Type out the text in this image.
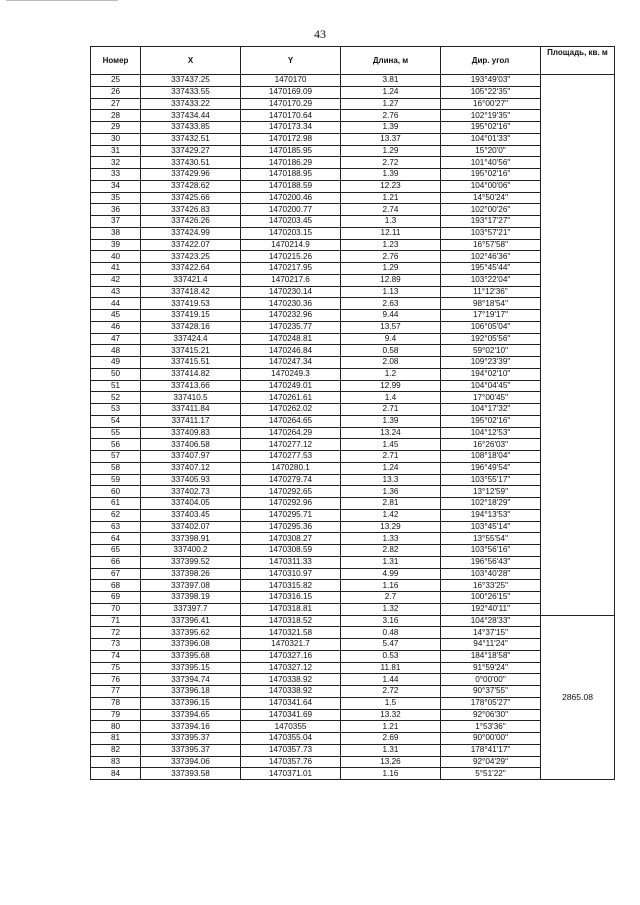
43
Номер	X	Y	Длина, м	Дир. угол	Площадь, кв. м
25	337437.25	1470170	3.81	193°49'03"	
26	337433.55	1470169.09	1.24	105°22'35"	
27	337433.22	1470170.29	1.27	16°00'27"	
28	337434.44	1470170.64	2.76	102°19'35"	
29	337433.85	1470173.34	1.39	195°02'16"	
30	337432.51	1470172.98	13.37	104°01'33"	
31	337429.27	1470185.95	1.29	15°20'0"	
32	337430.51	1470186.29	2.72	101°40'56"	
33	337429.96	1470188.95	1.39	195°02'16"	
34	337428.62	1470188.59	12.23	104°00'06"	
35	337425.66	1470200.46	1.21	14°50'24"	
36	337426.83	1470200.77	2.74	102°00'26"	
37	337426.26	1470203.45	1.3	193°17'27"	
38	337424.99	1470203.15	12.11	103°57'21"	
39	337422.07	1470214.9	1.23	16°57'58"	
40	337423.25	1470215.26	2.76	102°46'36"	
41	337422.64	1470217.95	1.29	195°45'44"	
42	337421.4	1470217.6	12.89	103°22'04"	
43	337418.42	1470230.14	1.13	11°12'36"	
44	337419.53	1470230.36	2.63	98°18'54"	
45	337419.15	1470232.96	9.44	17°19'17"	
46	337428.16	1470235.77	13.57	106°05'04"	
47	337424.4	1470248.81	9.4	192°05'56"	
48	337415.21	1470246.84	0.58	59°02'10"	
49	337415.51	1470247.34	2.08	109°23'39"	
50	337414.82	1470249.3	1.2	194°02'10"	
51	337413.66	1470249.01	12.99	104°04'45"	
52	337410.5	1470261.61	1.4	17°00'45"	
53	337411.84	1470262.02	2.71	104°17'32"	
54	337411.17	1470264.65	1.39	195°02'16"	
55	337409.83	1470264.29	13.24	104°12'53"	
56	337406.58	1470277.12	1.45	16°26'03"	
57	337407.97	1470277.53	2.71	108°18'04"	
58	337407.12	1470280.1	1.24	196°49'54"	
59	337405.93	1470279.74	13.3	103°55'17"	
60	337402.73	1470292.65	1.36	13°12'59"	
61	337404.05	1470292.96	2.81	102°18'29"	
62	337403.45	1470295.71	1.42	194°13'53"	
63	337402.07	1470295.36	13.29	103°45'14"	
64	337398.91	1470308.27	1.33	13°55'54"	
65	337400.2	1470308.59	2.82	103°56'16"	
66	337399.52	1470311.33	1.31	196°56'43"	
67	337398.26	1470310.97	4.99	103°40'28"	
68	337397.08	1470315.82	1.16	16°33'25"	
69	337398.19	1470316.15	2.7	100°26'15"	
70	337397.7	1470318.81	1.32	192°40'11"	
71	337396.41	1470318.52	3.16	104°28'33"	2865.08
72	337395.62	1470321.58	0.48	14°37'15"	
73	337396.08	1470321.7	5.47	94°11'24"	
74	337395.68	1470327.16	0.53	184°18'58"	
75	337395.15	1470327.12	11.81	91°59'24"	
76	337394.74	1470338.92	1.44	0°00'00"	
77	337396.18	1470338.92	2.72	90°37'55"	
78	337396.15	1470341.64	1.5	178°05'27"	
79	337394.65	1470341.69	13.32	92°06'30"	
80	337394.16	1470355	1.21	1°53'36"	
81	337395.37	1470355.04	2.69	90°00'00"	
82	337395.37	1470357.73	1.31	178°41'17"	
83	337394.06	1470357.76	13.26	92°04'29"	
84	337393.58	1470371.01	1.16	5°51'22"	
